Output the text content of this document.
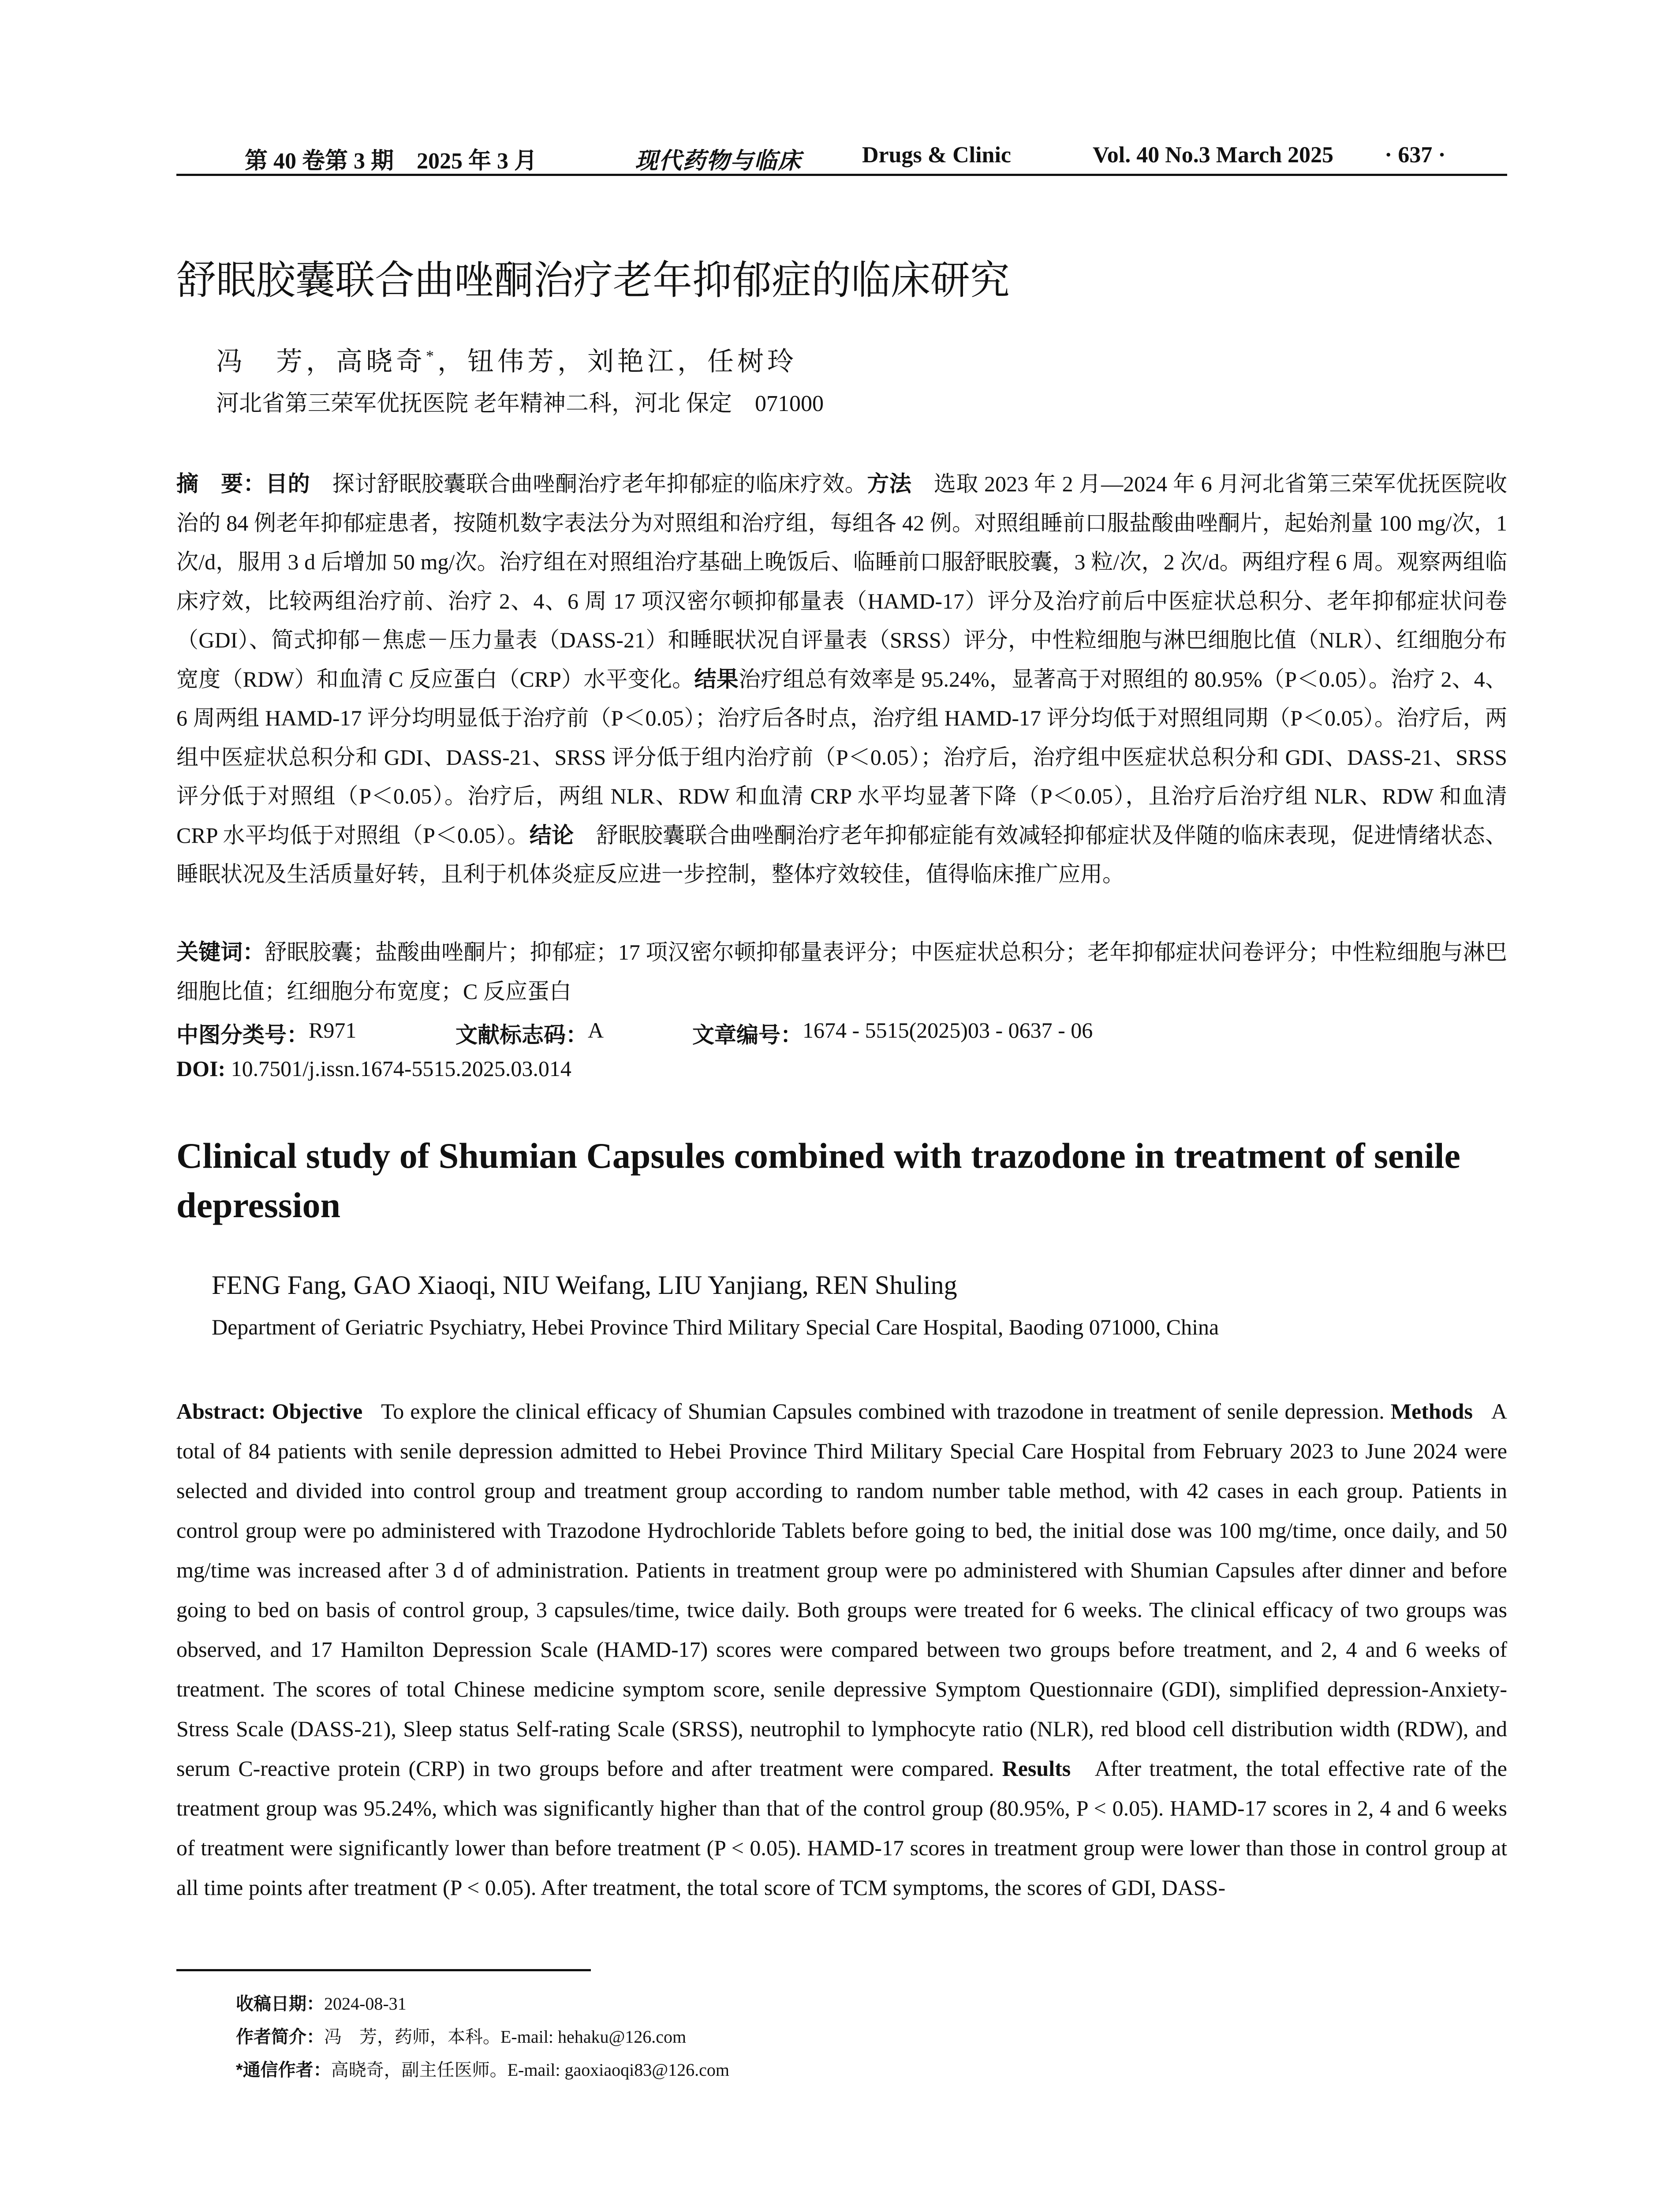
第 40 卷第 3 期　2025 年 3 月	现代药物与临床	Drugs & Clinic	Vol. 40 No.3 March 2025 · 637 ·
舒眠胶囊联合曲唑酮治疗老年抑郁症的临床研究
冯　芳，高晓奇*，钮伟芳，刘艳江，任树玲
河北省第三荣军优抚医院 老年精神二科，河北 保定　071000
摘　要：目的　 探讨舒眠胶囊联合曲唑酮治疗老年抑郁症的临床疗效。方法　 选取 2023 年 2 月—2024 年 6 月河北省第三荣军优抚医院收治的 84 例老年抑郁症患者，按随机数字表法分为对照组和治疗组，每组各 42 例。对照组睡前口服盐酸曲唑酮片，起始剂量 100 mg/次，1 次/d，服用 3 d 后增加 50 mg/次。治疗组在对照组治疗基础上晚饭后、临睡前口服舒眠胶囊，3 粒/次，2 次/d。两组疗程 6 周。观察两组临床疗效，比较两组治疗前、治疗 2、4、6 周 17 项汉密尔顿抑郁量表（HAMD-17）评分及治疗前后中医症状总积分、老年抑郁症状问卷（GDI）、简式抑郁－焦虑－压力量表（DASS-21）和睡眠状况自评量表（SRSS）评分，中性粒细胞与淋巴细胞比值（NLR）、红细胞分布宽度（RDW）和血清 C 反应蛋白（CRP）水平变化。结果治疗组总有效率是 95.24%，显著高于对照组的 80.95%（P＜0.05）。治疗 2、4、6 周两组 HAMD-17 评分均明显低于治疗前（P＜0.05）；治疗后各时点，治疗组 HAMD-17 评分均低于对照组同期（P＜0.05）。治疗后，两组中医症状总积分和 GDI、DASS-21、SRSS 评分低于组内治疗前（P＜0.05）；治疗后，治疗组中医症状总积分和 GDI、DASS-21、SRSS 评分低于对照组（P＜0.05）。治疗后，两组 NLR、RDW 和血清 CRP 水平均显著下降（P＜0.05），且治疗后治疗组 NLR、RDW 和血清 CRP 水平均低于对照组（P＜0.05）。结论　 舒眠胶囊联合曲唑酮治疗老年抑郁症能有效减轻抑郁症状及伴随的临床表现，促进情绪状态、睡眠状况及生活质量好转，且利于机体炎症反应进一步控制，整体疗效较佳，值得临床推广应用。
关键词：舒眠胶囊；盐酸曲唑酮片；抑郁症；17 项汉密尔顿抑郁量表评分；中医症状总积分；老年抑郁症状问卷评分；中性粒细胞与淋巴细胞比值；红细胞分布宽度；C 反应蛋白
中图分类号： R971	文献标志码： A	文章编号： 1674 - 5515(2025)03 - 0637 - 06
DOI: 10.7501/j.issn.1674-5515.2025.03.014
Clinical study of Shumian Capsules combined with trazodone in treatment of senile depression
FENG Fang, GAO Xiaoqi, NIU Weifang, LIU Yanjiang, REN Shuling
Department of Geriatric Psychiatry, Hebei Province Third Military Special Care Hospital, Baoding 071000, China
Abstract: Objective To explore the clinical efficacy of Shumian Capsules combined with trazodone in treatment of senile depression. Methods A total of 84 patients with senile depression admitted to Hebei Province Third Military Special Care Hospital from February 2023 to June 2024 were selected and divided into control group and treatment group according to random number table method, with 42 cases in each group. Patients in control group were po administered with Trazodone Hydrochloride Tablets before going to bed, the initial dose was 100 mg/time, once daily, and 50 mg/time was increased after 3 d of administration. Patients in treatment group were po administered with Shumian Capsules after dinner and before going to bed on basis of control group, 3 capsules/time, twice daily. Both groups were treated for 6 weeks. The clinical efficacy of two groups was observed, and 17 Hamilton Depression Scale (HAMD-17) scores were compared between two groups before treatment, and 2, 4 and 6 weeks of treatment. The scores of total Chinese medicine symptom score, senile depressive Symptom Questionnaire (GDI), simplified depression-Anxiety-Stress Scale (DASS-21), Sleep status Self-rating Scale (SRSS), neutrophil to lymphocyte ratio (NLR), red blood cell distribution width (RDW), and serum C-reactive protein (CRP) in two groups before and after treatment were compared. Results After treatment, the total effective rate of the treatment group was 95.24%, which was significantly higher than that of the control group (80.95%, P < 0.05). HAMD-17 scores in 2, 4 and 6 weeks of treatment were significantly lower than before treatment (P < 0.05). HAMD-17 scores in treatment group were lower than those in control group at all time points after treatment (P < 0.05). After treatment, the total score of TCM symptoms, the scores of GDI, DASS-
收稿日期：2024-08-31
作者简介：冯　芳，药师，本科。E-mail: hehaku@126.com
*通信作者：高晓奇，副主任医师。E-mail: gaoxiaoqi83@126.com
